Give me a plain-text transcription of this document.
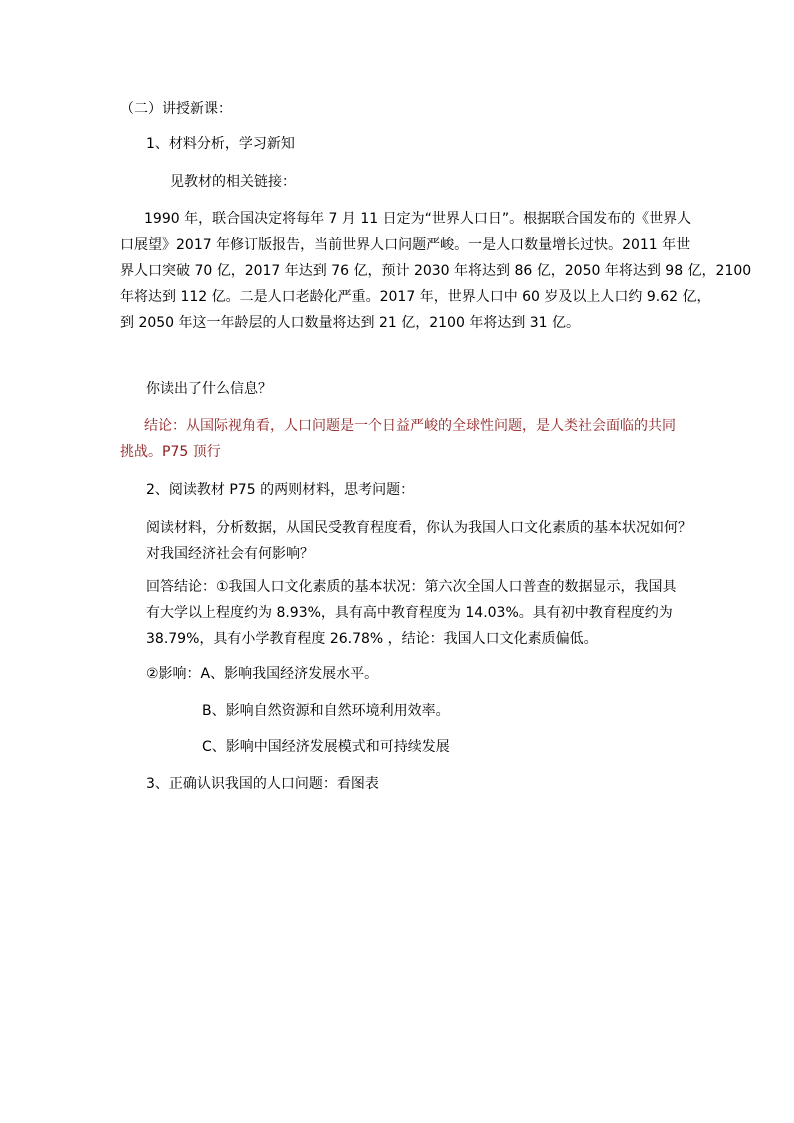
（二）讲授新课：
1、材料分析，学习新知
见教材的相关链接：
1990 年，联合国决定将每年 7 月 11 日定为“世界人口日”。根据联合国发布的《世界人
口展望》2017 年修订版报告，当前世界人口问题严峻。一是人口数量增长过快。2011 年世
界人口突破 70 亿，2017 年达到 76 亿，预计 2030 年将达到 86 亿，2050 年将达到 98 亿，2100
年将达到 112 亿。二是人口老龄化严重。2017 年，世界人口中 60 岁及以上人口约 9.62 亿，
到 2050 年这一年龄层的人口数量将达到 21 亿，2100 年将达到 31 亿。
你读出了什么信息？
结论：从国际视角看，人口问题是一个日益严峻的全球性问题，是人类社会面临的共同
挑战。P75 顶行
2、阅读教材 P75 的两则材料，思考问题：
阅读材料，分析数据，从国民受教育程度看，你认为我国人口文化素质的基本状况如何？
对我国经济社会有何影响？
回答结论：①我国人口文化素质的基本状况：第六次全国人口普查的数据显示，我国具
有大学以上程度约为 8.93%，具有高中教育程度为 14.03%。具有初中教育程度约为
38.79%，具有小学教育程度 26.78% ，结论：我国人口文化素质偏低。
②影响：A、影响我国经济发展水平。
B、影响自然资源和自然环境利用效率。
C、影响中国经济发展模式和可持续发展
3、正确认识我国的人口问题：看图表
